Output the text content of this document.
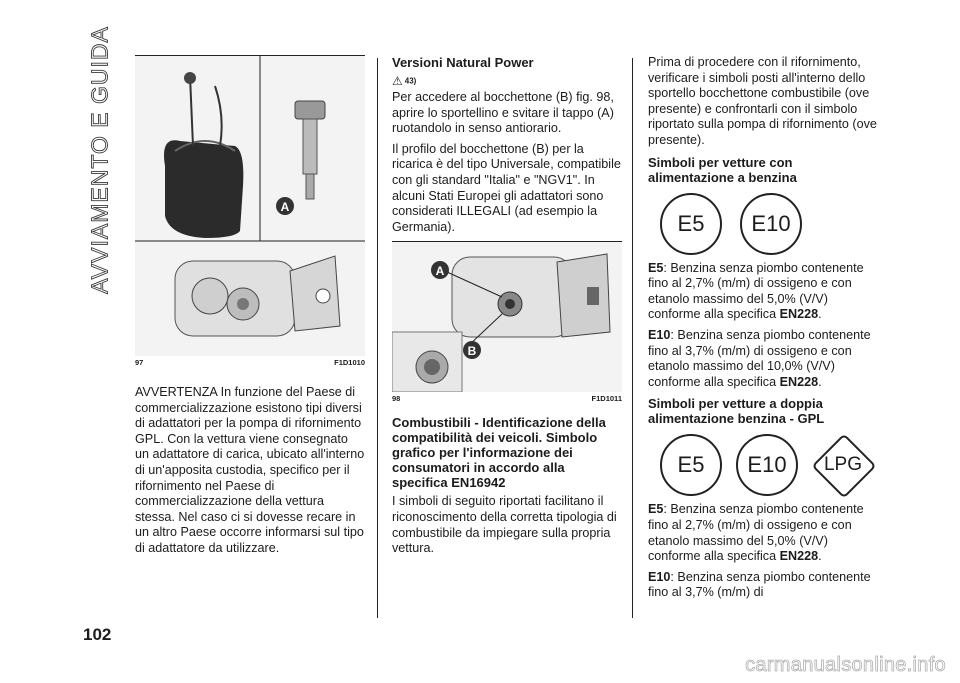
AVVIAMENTO E GUIDA
102
A
97	F1D1010

AVVERTENZA In funzione del Paese di commercializzazione esistono tipi diversi di adattatori per la pompa di rifornimento GPL. Con la vettura viene consegnato un adattatore di carica, ubicato all'interno di un'apposita custodia, specifico per il rifornimento nel Paese di commercializzazione della vettura stessa. Nel caso ci si dovesse recare in un altro Paese occorre informarsi sul tipo di adattatore da utilizzare.

Versioni Natural Power
⚠ 43)

Per accedere al bocchettone (B) fig. 98, aprire lo sportellino e svitare il tappo (A) ruotandolo in senso antiorario.

Il profilo del bocchettone (B) per la ricarica è del tipo Universale, compatibile con gli standard "Italia" e "NGV1". In alcuni Stati Europei gli adattatori sono considerati ILLEGALI (ad esempio la Germania).

A
B
98	F1D1011
Combustibili - Identificazione della compatibilità dei veicoli. Simbolo grafico per l'informazione dei consumatori in accordo alla specifica EN16942

I simboli di seguito riportati facilitano il riconoscimento della corretta tipologia di combustibile da impiegare sulla propria vettura.

Prima di procedere con il rifornimento, verificare i simboli posti all'interno dello sportello bocchettone combustibile (ove presente) e confrontarli con il simbolo riportato sulla pompa di rifornimento (ove presente).

Simboli per vetture con alimentazione a benzina
E5	E10

E5: Benzina senza piombo contenente fino al 2,7% (m/m) di ossigeno e con etanolo massimo del 5,0% (V/V) conforme alla specifica EN228.

E10: Benzina senza piombo contenente fino al 3,7% (m/m) di ossigeno e con etanolo massimo del 10,0% (V/V) conforme alla specifica EN228.

Simboli per vetture a doppia alimentazione benzina - GPL
E5	E10	LPG

E5: Benzina senza piombo contenente fino al 2,7% (m/m) di ossigeno e con etanolo massimo del 5,0% (V/V) conforme alla specifica EN228.

E10: Benzina senza piombo contenente fino al 3,7% (m/m) di

carmanualsonline.info
